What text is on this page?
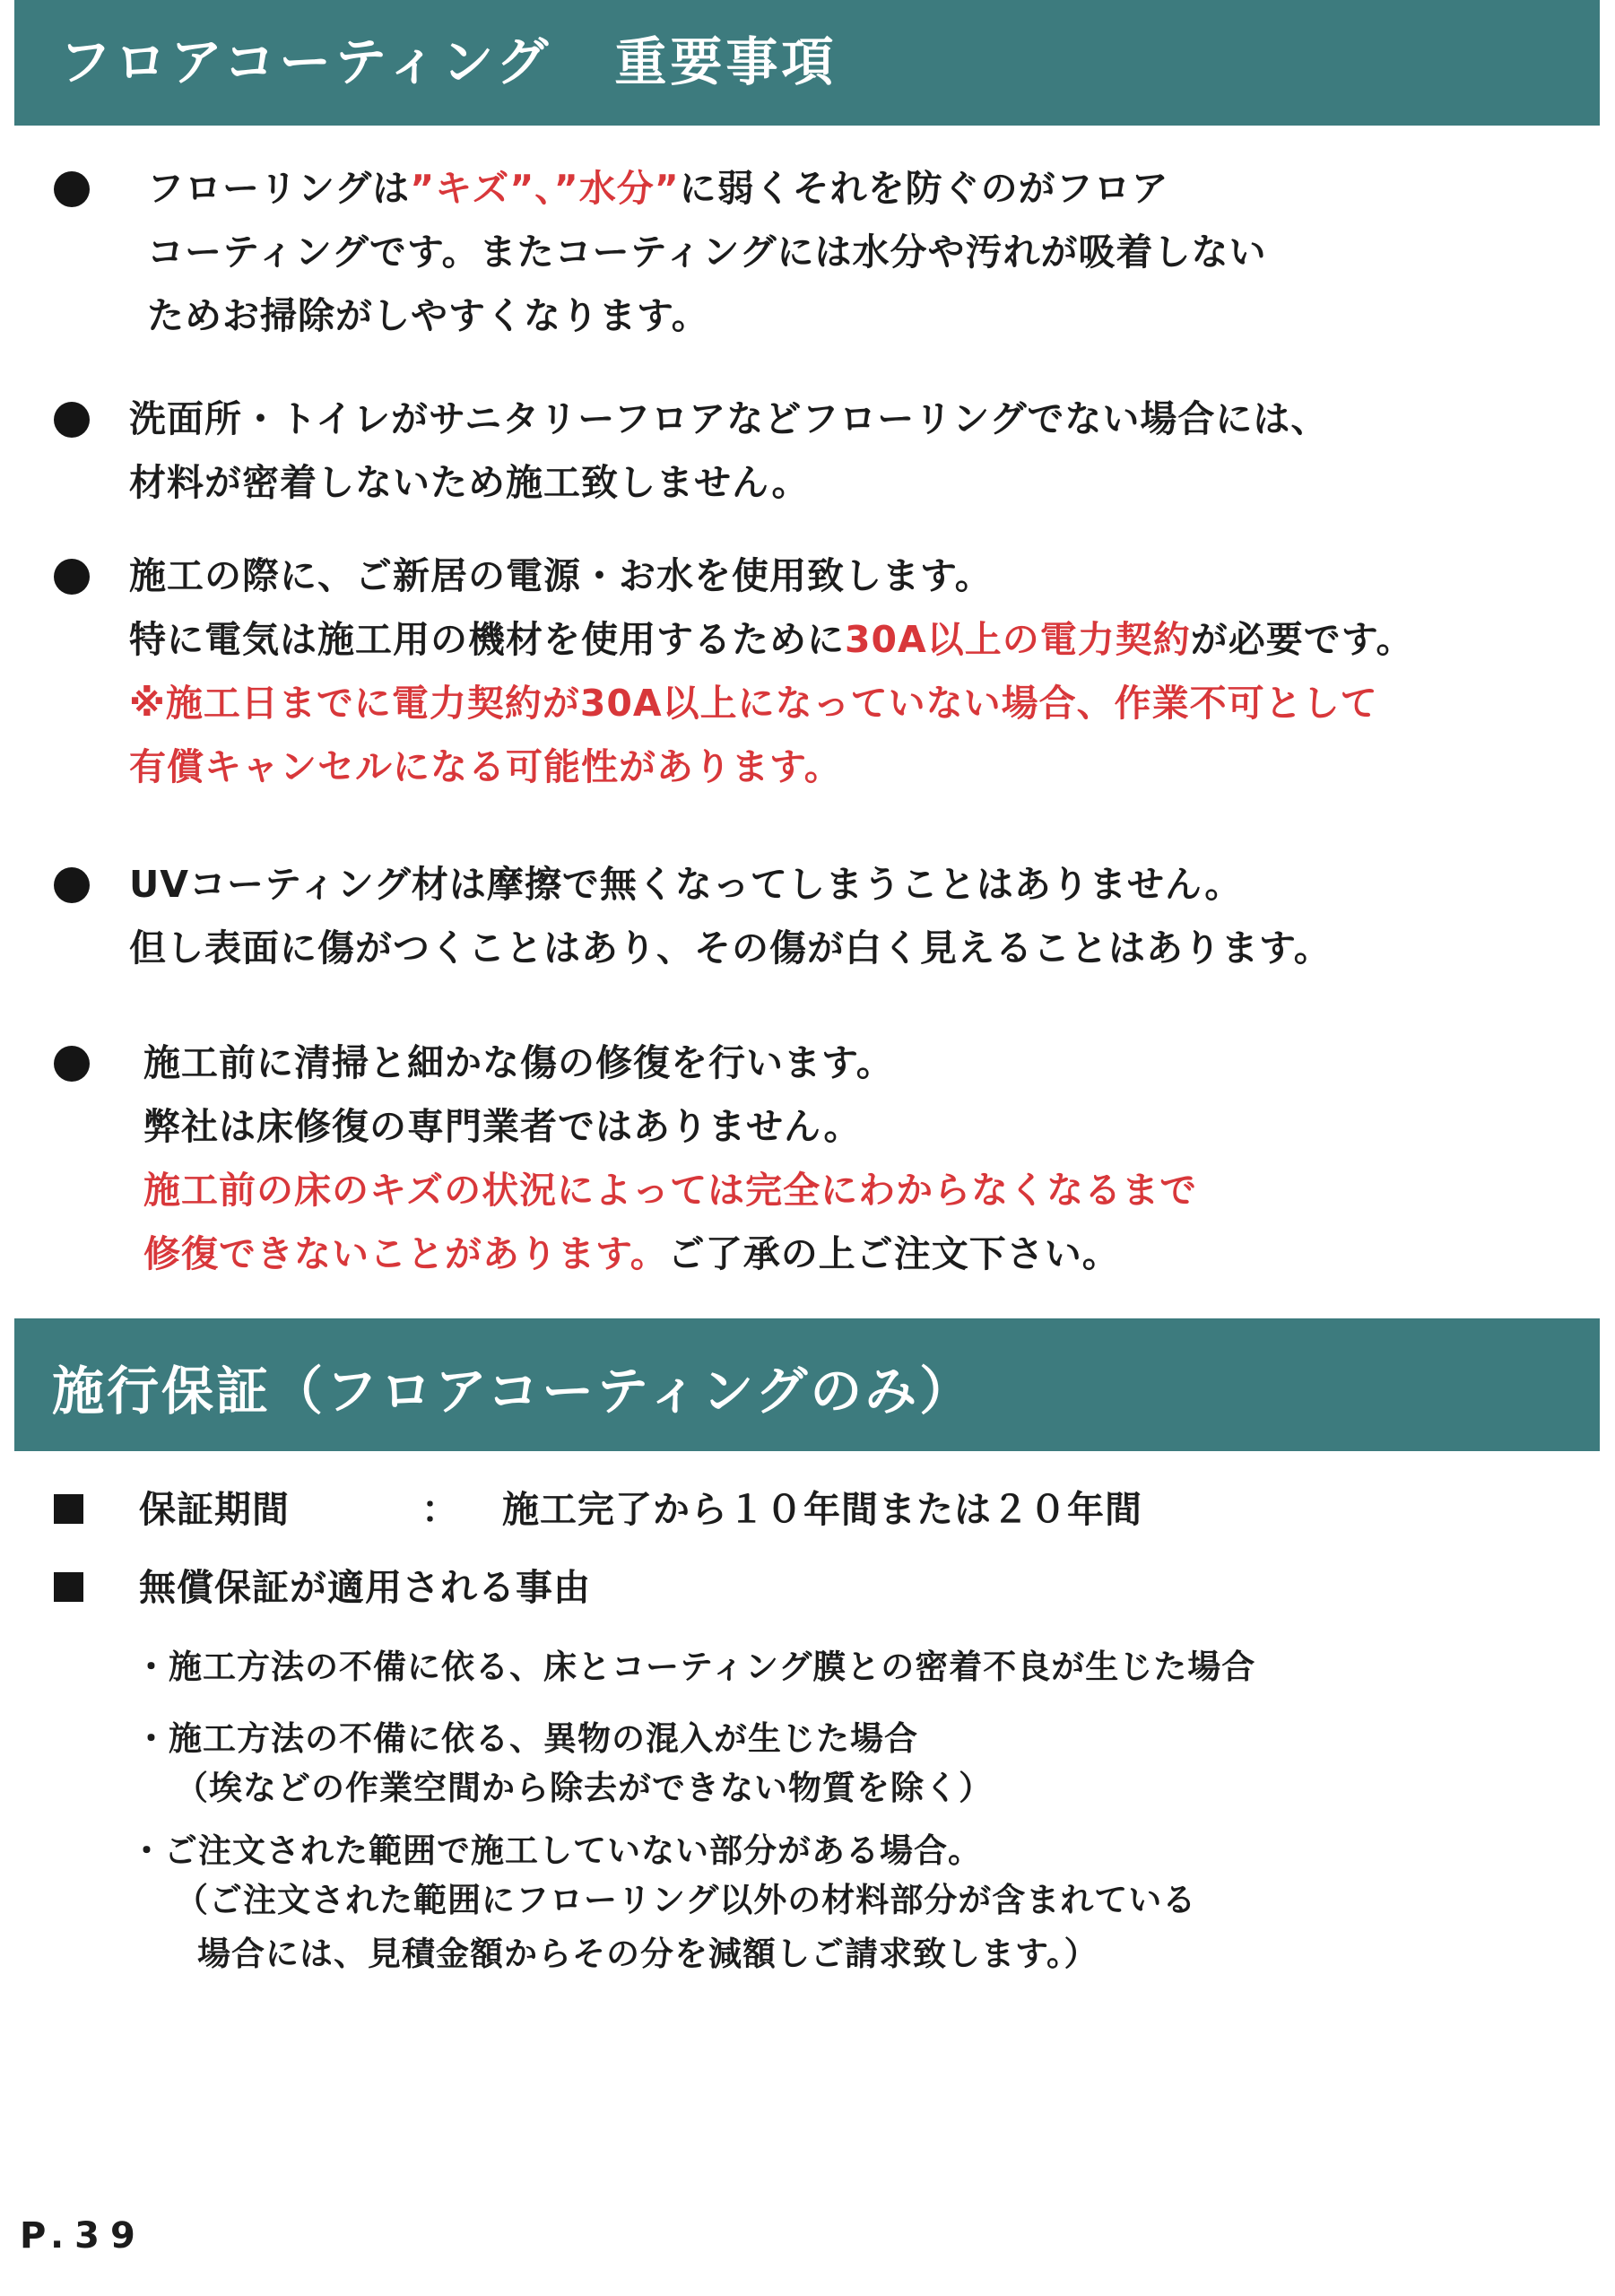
フロアコーティング 重要事項
フローリングは”キズ”、”水分”に弱くそれを防ぐのがフロア
コーティングです。またコーティングには水分や汚れが吸着しない
ためお掃除がしやすくなります。
洗面所・トイレがサニタリーフロアなどフローリングでない場合には、
材料が密着しないため施工致しません。
施工の際に、ご新居の電源・お水を使用致します。
特に電気は施工用の機材を使用するために30A以上の電力契約が必要です。
※施工日までに電力契約が30A以上になっていない場合、作業不可として
有償キャンセルになる可能性があります。
UVコーティング材は摩擦で無くなってしまうことはありません。
但し表面に傷がつくことはあり、その傷が白く見えることはあります。
施工前に清掃と細かな傷の修復を行います。
弊社は床修復の専門業者ではありません。
施工前の床のキズの状況によっては完全にわからなくなるまで
修復できないことがあります。ご了承の上ご注文下さい。
施行保証（フロアコーティングのみ）
保証期間	： 施工完了から１０年間または２０年間
無償保証が適用される事由
・施工方法の不備に依る、床とコーティング膜との密着不良が生じた場合
・施工方法の不備に依る、異物の混入が生じた場合
（埃などの作業空間から除去ができない物質を除く）
・ご注文された範囲で施工していない部分がある場合。
（ご注文された範囲にフローリング以外の材料部分が含まれている
場合には、見積金額からその分を減額しご請求致します。）
P.39
